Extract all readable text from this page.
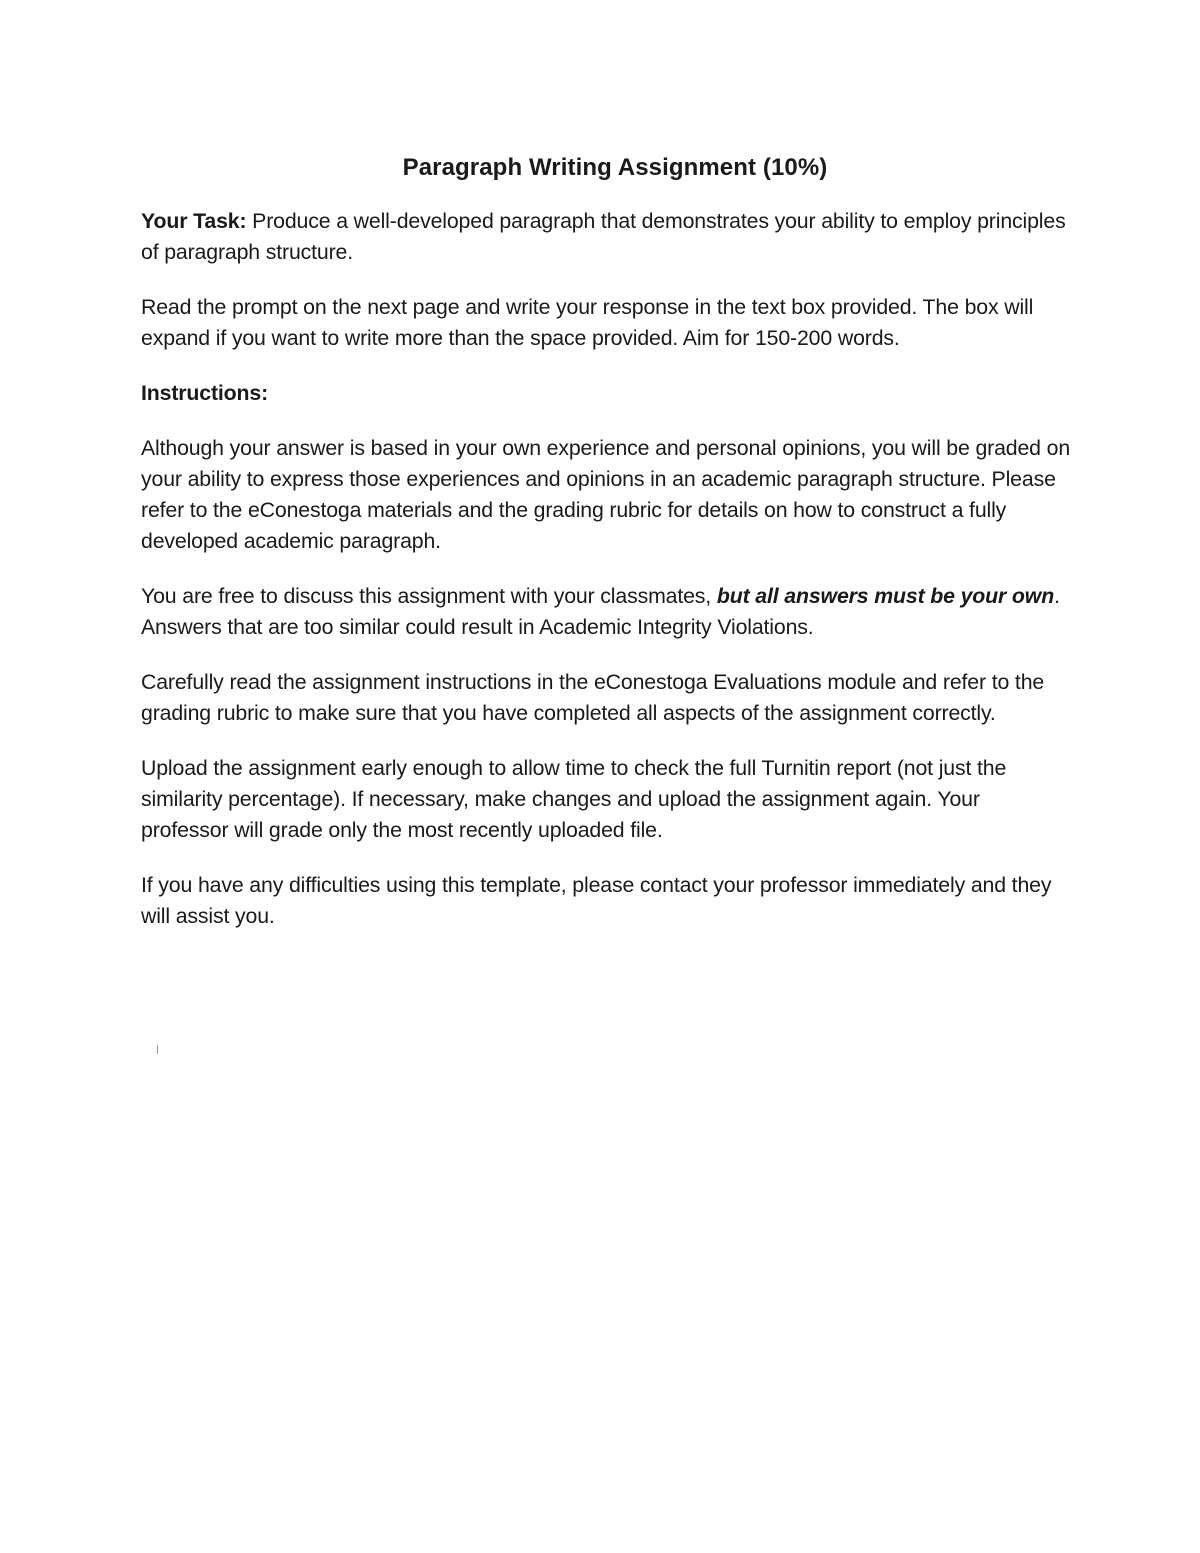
Paragraph Writing Assignment (10%)

Your Task: Produce a well-developed paragraph that demonstrates your ability to employ principles of paragraph structure.

Read the prompt on the next page and write your response in the text box provided. The box will expand if you want to write more than the space provided. Aim for 150-200 words.

Instructions:

Although your answer is based in your own experience and personal opinions, you will be graded on your ability to express those experiences and opinions in an academic paragraph structure. Please refer to the eConestoga materials and the grading rubric for details on how to construct a fully developed academic paragraph.

You are free to discuss this assignment with your classmates, but all answers must be your own. Answers that are too similar could result in Academic Integrity Violations.

Carefully read the assignment instructions in the eConestoga Evaluations module and refer to the grading rubric to make sure that you have completed all aspects of the assignment correctly.

Upload the assignment early enough to allow time to check the full Turnitin report (not just the similarity percentage). If necessary, make changes and upload the assignment again. Your professor will grade only the most recently uploaded file.

If you have any difficulties using this template, please contact your professor immediately and they will assist you.
